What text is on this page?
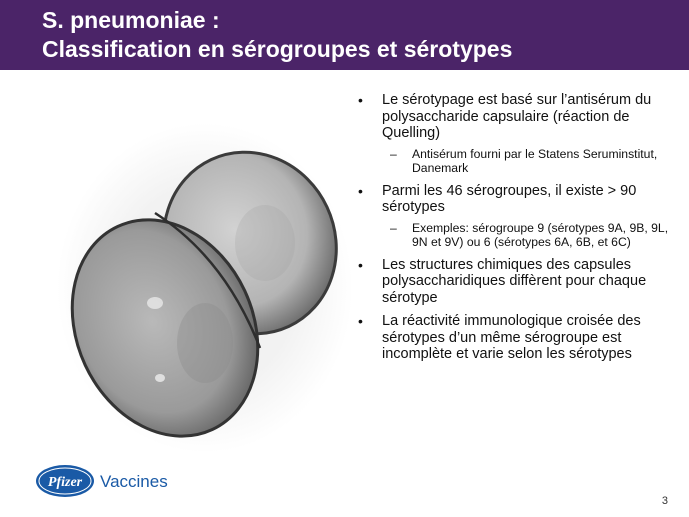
S. pneumoniae :
Classification en sérogroupes et sérotypes
• Le sérotypage est basé sur l’antisérum du polysaccharide capsulaire (réaction de Quelling)
– Antisérum fourni par le Statens Seruminstitut, Danemark
• Parmi les 46 sérogroupes, il existe > 90 sérotypes
– Exemples: sérogroupe 9 (sérotypes 9A, 9B, 9L, 9N et 9V) ou 6 (sérotypes 6A, 6B, et 6C)
• Les structures chimiques des capsules polysaccharidiques diffèrent pour chaque sérotype
• La réactivité immunologique croisée des sérotypes d’un même sérogroupe est incomplète et varie selon les sérotypes
Pfizer Vaccines
3
